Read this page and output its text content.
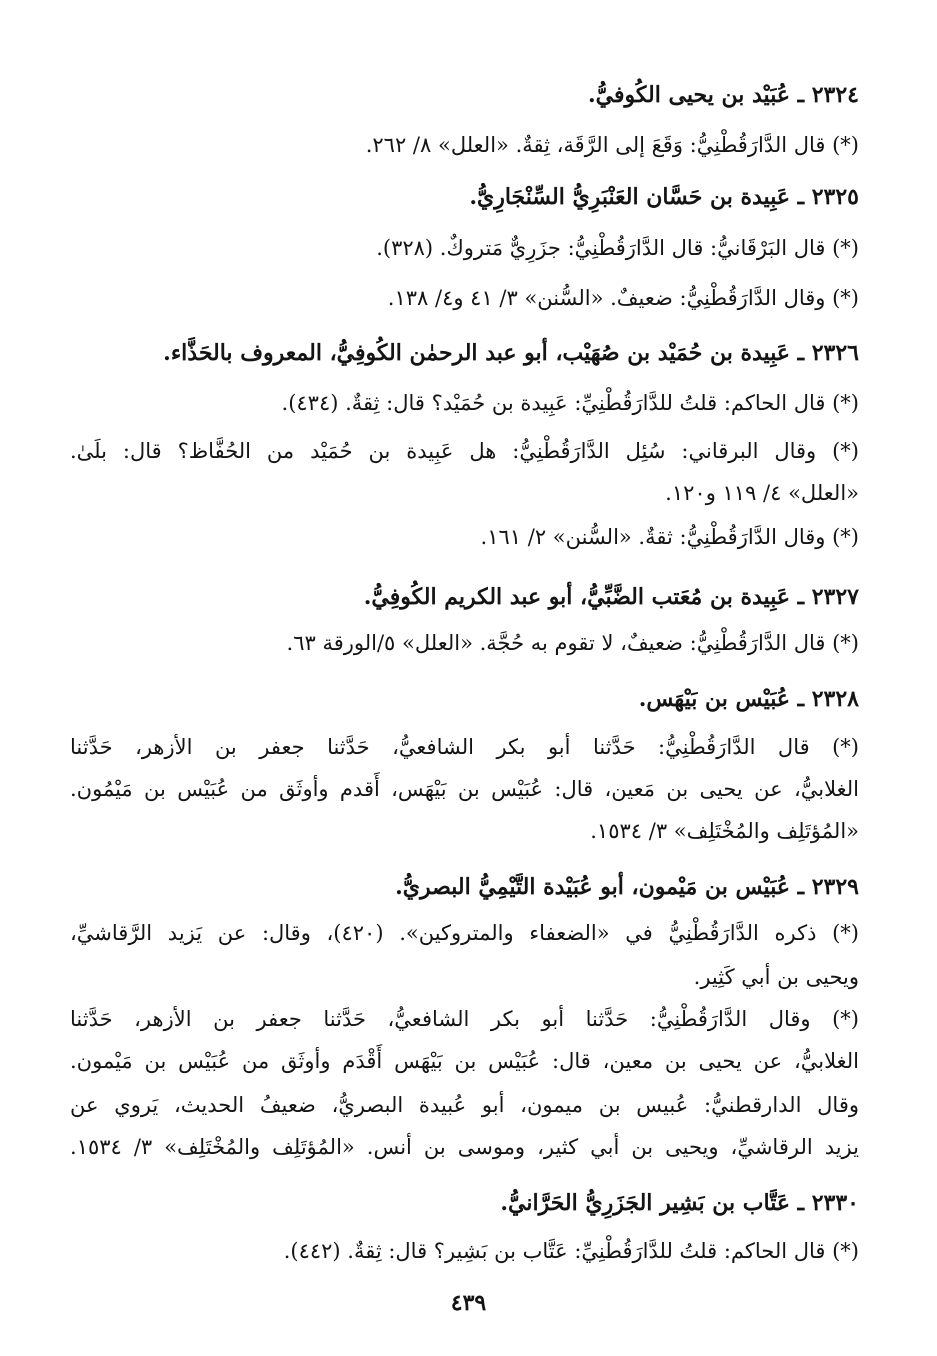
٢٣٢٤ ـ عُبَيْد بن يحيى الكُوفيُّ.
(*) قال الدَّارَقُطْنِيُّ: وَقَعَ إلى الرَّقَة، ثِقةٌ. «العلل» ٨/ ٢٦٢.
٢٣٢٥ ـ عَبِيدة بن حَسَّان العَنْبَرِيُّ السِّنْجَارِيُّ.
(*) قال البَرْقَانيُّ: قال الدَّارَقُطْنِيُّ: جزَرِيٌّ مَتروكٌ. (٣٢٨).
(*) وقال الدَّارَقُطْنِيُّ: ضعيفٌ. «السُّنن» ٣/ ٤١ و٤/ ١٣٨.
٢٣٢٦ ـ عَبِيدة بن حُمَيْد بن صُهَيْب، أبو عبد الرحمٰن الكُوفِيُّ، المعروف بالحَذَّاء.
(*) قال الحاكم: قلتُ للدَّارَقُطْنِيِّ: عَبِيدة بن حُمَيْد؟ قال: ثِقةٌ. (٤٣٤).
(*) وقال البرقاني: سُئِل الدَّارَقُطْنِيُّ: هل عَبِيدة بن حُمَيْد من الحُفَّاظ؟ قال: بلَىٰ.
«العلل» ٤/ ١١٩ و١٢٠.
(*) وقال الدَّارَقُطْنِيُّ: ثقةٌ. «السُّنن» ٢/ ١٦١.
٢٣٢٧ ـ عَبِيدة بن مُعَتب الضَّبِّيُّ، أبو عبد الكريم الكُوفِيُّ.
(*) قال الدَّارَقُطْنِيُّ: ضعيفٌ، لا تقوم به حُجَّة. «العلل» ٥/الورقة ٦٣.
٢٣٢٨ ـ عُبَيْس بن بَيْهَس.
(*) قال الدَّارَقُطْنِيُّ: حَدَّثنا أبو بكر الشافعيُّ، حَدَّثنا جعفر بن الأزهر، حَدَّثنا
الغلابيُّ، عن يحيى بن مَعين، قال: عُبَيْس بن بَيْهَس، أَقدم وأوثَق من عُبَيْس بن مَيْمُون.
«المُؤتَلِف والمُخْتَلِف» ٣/ ١٥٣٤.
٢٣٢٩ ـ عُبَيْس بن مَيْمون، أبو عُبَيْدة التَّيْمِيُّ البصريُّ.
(*) ذكره الدَّارَقُطْنِيُّ في «الضعفاء والمتروكين». (٤٢٠)، وقال: عن يَزيد الرَّقاشيِّ،
ويحيى بن أبي كَثِير.
(*) وقال الدَّارَقُطْنِيُّ: حَدَّثنا أبو بكر الشافعيُّ، حَدَّثنا جعفر بن الأزهر، حَدَّثنا
الغلابيُّ، عن يحيى بن معين، قال: عُبَيْس بن بَيْهَس أَقْدَم وأوثَق من عُبَيْس بن مَيْمون.
وقال الدارقطنيُّ: عُبيس بن ميمون، أبو عُبيدة البصريُّ، ضعيفُ الحديث، يَروي عن
يزيد الرقاشيِّ، ويحيى بن أبي كثير، وموسى بن أنس. «المُؤتَلِف والمُخْتَلِف» ٣/ ١٥٣٤.
٢٣٣٠ ـ عَتَّاب بن بَشِير الجَزَرِيُّ الحَرَّانيُّ.
(*) قال الحاكم: قلتُ للدَّارَقُطْنِيِّ: عَتَّاب بن بَشِير؟ قال: ثِقةٌ. (٤٤٢).
٤٣٩
